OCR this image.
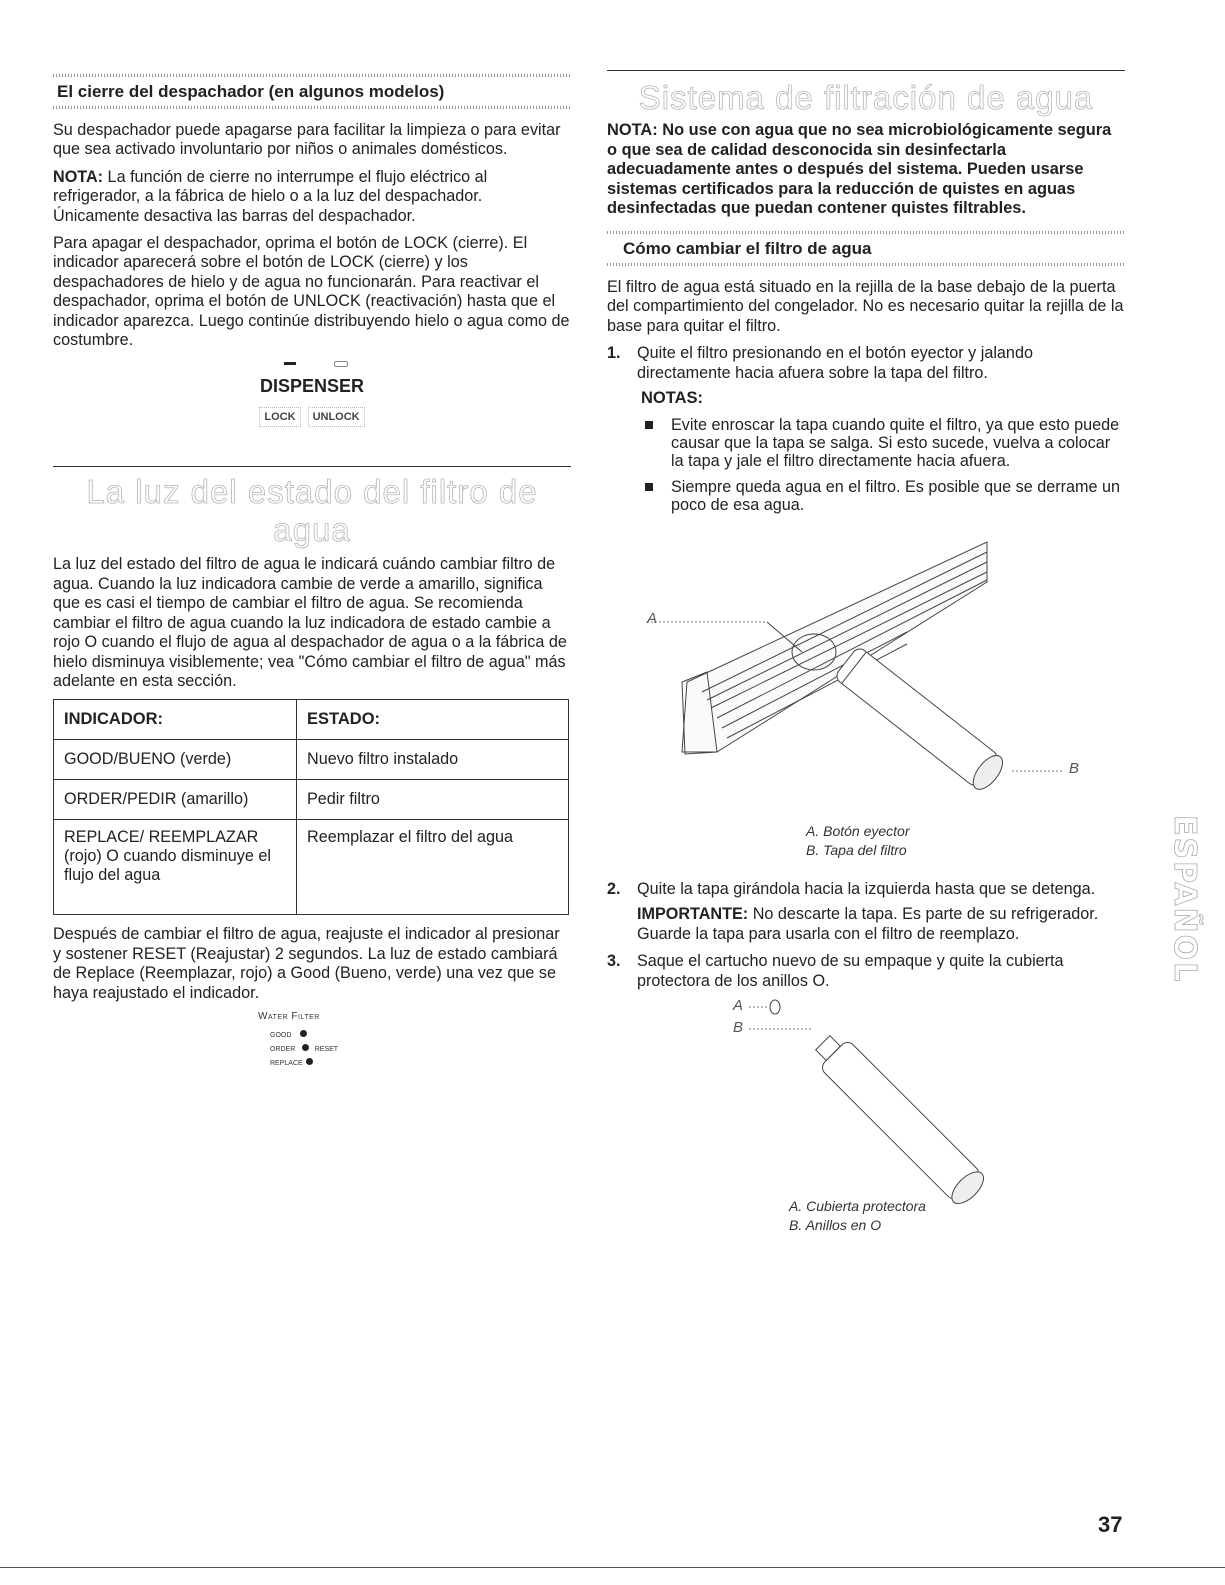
El cierre del despachador (en algunos modelos)

Su despachador puede apagarse para facilitar la limpieza o para evitar que sea activado involuntario por niños o animales domésticos.

NOTA: La función de cierre no interrumpe el flujo eléctrico al refrigerador, a la fábrica de hielo o a la luz del despachador. Únicamente desactiva las barras del despachador.

Para apagar el despachador, oprima el botón de LOCK (cierre). El indicador aparecerá sobre el botón de LOCK (cierre) y los despachadores de hielo y de agua no funcionarán. Para reactivar el despachador, oprima el botón de UNLOCK (reactivación) hasta que el indicador aparezca. Luego continúe distribuyendo hielo o agua como de costumbre.

DISPENSER
LOCK UNLOCK
La luz del estado del filtro de agua

La luz del estado del filtro de agua le indicará cuándo cambiar filtro de agua. Cuando la luz indicadora cambie de verde a amarillo, significa que es casi el tiempo de cambiar el filtro de agua. Se recomienda cambiar el filtro de agua cuando la luz indicadora de estado cambie a rojo O cuando el flujo de agua al despachador de agua o a la fábrica de hielo disminuya visiblemente; vea "Cómo cambiar el filtro de agua" más adelante en esta sección.

INDICADOR:	ESTADO:
GOOD/BUENO (verde)	Nuevo filtro instalado
ORDER/PEDIR (amarillo)	Pedir filtro
REPLACE/ REEMPLAZAR (rojo) O cuando disminuye el flujo del agua	Reemplazar el filtro del agua

Después de cambiar el filtro de agua, reajuste el indicador al presionar y sostener RESET (Reajustar) 2 segundos. La luz de estado cambiará de Replace (Reemplazar, rojo) a Good (Bueno, verde) una vez que se haya reajustado el indicador.

Water Filter
GOOD
ORDER	RESET
REPLACE
Sistema de filtración de agua

NOTA: No use con agua que no sea microbiológicamente segura o que sea de calidad desconocida sin desinfectarla adecuadamente antes o después del sistema. Pueden usarse sistemas certificados para la reducción de quistes en aguas desinfectadas que puedan contener quistes filtrables.

Cómo cambiar el filtro de agua

El filtro de agua está situado en la rejilla de la base debajo de la puerta del compartimiento del congelador. No es necesario quitar la rejilla de la base para quitar el filtro.

1.	Quite el filtro presionando en el botón eyector y jalando directamente hacia afuera sobre la tapa del filtro.
NOTAS:
Evite enroscar la tapa cuando quite el filtro, ya que esto puede causar que la tapa se salga. Si esto sucede, vuelva a colocar la tapa y jale el filtro directamente hacia afuera.
Siempre queda agua en el filtro. Es posible que se derrame un poco de esa agua.
A
B

A. Botón eyector

B. Tapa del filtro

2.	Quite la tapa girándola hacia la izquierda hasta que se detenga.

IMPORTANTE: No descarte la tapa. Es parte de su refrigerador. Guarde la tapa para usarla con el filtro de reemplazo.

3.	Saque el cartucho nuevo de su empaque y quite la cubierta protectora de los anillos O.
A
B

A. Cubierta protectora

B. Anillos en O

ESPAÑOL
37
